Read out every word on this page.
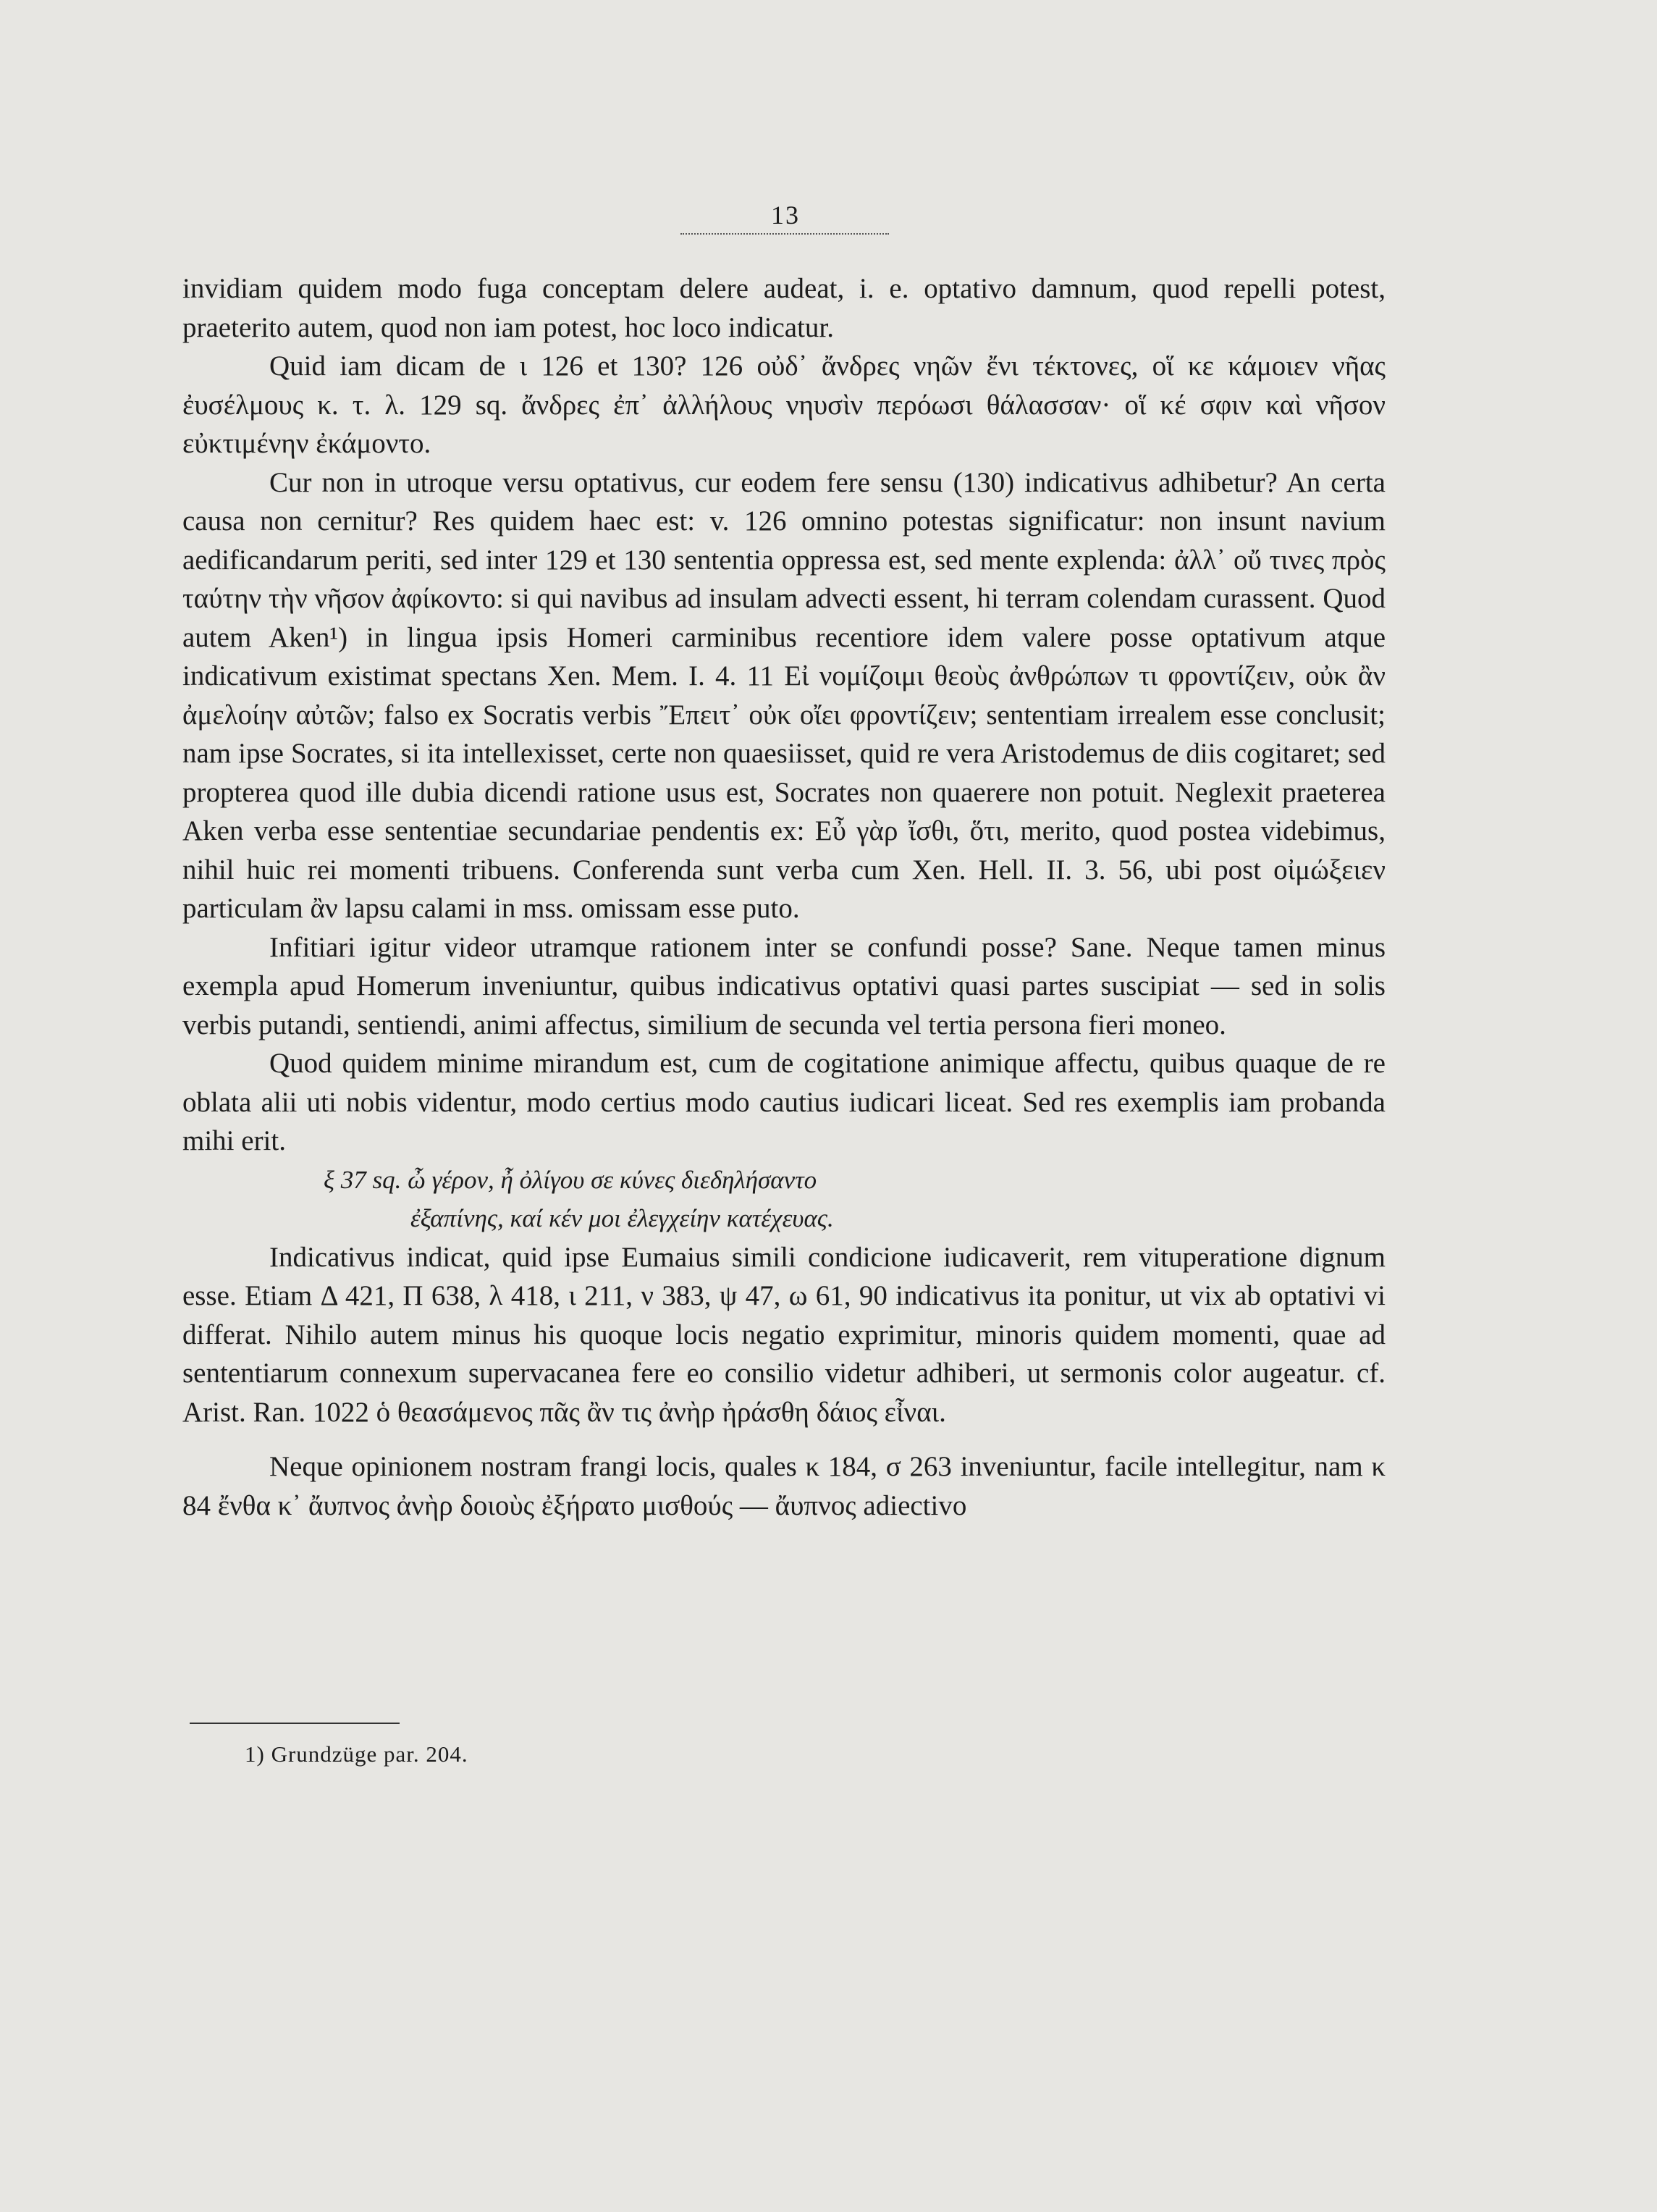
13

invidiam quidem modo fuga conceptam delere audeat, i. e. optativo damnum, quod repelli potest, praeterito autem, quod non iam potest, hoc loco indicatur.

Quid iam dicam de ι 126 et 130? 126 οὐδ᾽ ἄνδρες νηῶν ἔνι τέκτονες, οἵ κε κάμοιεν νῆας ἐυσέλμους κ. τ. λ. 129 sq. ἄνδρες ἐπ᾽ ἀλλήλους νηυσὶν περόωσι θάλασσαν· οἵ κέ σφιν καὶ νῆσον εὐκτιμένην ἐκάμοντο.

Cur non in utroque versu optativus, cur eodem fere sensu (130) indicativus adhibetur? An certa causa non cernitur? Res quidem haec est: v. 126 omnino potestas significatur: non insunt navium aedificandarum periti, sed inter 129 et 130 sententia oppressa est, sed mente explenda: ἀλλ᾽ οὔ τινες πρὸς ταύτην τὴν νῆσον ἀφίκοντο: si qui navibus ad insulam advecti essent, hi terram colendam curassent. Quod autem Aken¹) in lingua ipsis Homeri carminibus recentiore idem valere posse optativum atque indicativum existimat spectans Xen. Mem. I. 4. 11 Εἰ νομίζοιμι θεοὺς ἀνθρώπων τι φροντίζειν, οὐκ ἂν ἀμελοίην αὐτῶν; falso ex Socratis verbis Ἔπειτ᾽ οὐκ οἴει φροντίζειν; sententiam irrealem esse conclusit; nam ipse Socrates, si ita intellexisset, certe non quaesiisset, quid re vera Aristodemus de diis cogitaret; sed propterea quod ille dubia dicendi ratione usus est, Socrates non quaerere non potuit. Neglexit praeterea Aken verba esse sententiae secundariae pendentis ex: Εὖ γὰρ ἴσθι, ὅτι, merito, quod postea videbimus, nihil huic rei momenti tribuens. Conferenda sunt verba cum Xen. Hell. II. 3. 56, ubi post οἰμώξειεν particulam ἂν lapsu calami in mss. omissam esse puto.

Infitiari igitur videor utramque rationem inter se confundi posse? Sane. Neque tamen minus exempla apud Homerum inveniuntur, quibus indicativus optativi quasi partes suscipiat — sed in solis verbis putandi, sentiendi, animi affectus, similium de secunda vel tertia persona fieri moneo.

Quod quidem minime mirandum est, cum de cogitatione animique affectu, quibus quaque de re oblata alii uti nobis videntur, modo certius modo cautius iudicari liceat. Sed res exemplis iam probanda mihi erit.

ξ 37 sq. ὦ γέρον, ἦ ὀλίγου σε κύνες διεδηλήσαντο

ἐξαπίνης, καί κέν μοι ἐλεγχείην κατέχευας.

Indicativus indicat, quid ipse Eumaius simili condicione iudicaverit, rem vituperatione dignum esse. Etiam Δ 421, Π 638, λ 418, ι 211, ν 383, ψ 47, ω 61, 90 indicativus ita ponitur, ut vix ab optativi vi differat. Nihilo autem minus his quoque locis negatio exprimitur, minoris quidem momenti, quae ad sententiarum connexum supervacanea fere eo consilio videtur adhiberi, ut sermonis color augeatur. cf. Arist. Ran. 1022 ὁ θεασάμενος πᾶς ἂν τις ἀνὴρ ἠράσθη δάιος εἶναι.

Neque opinionem nostram frangi locis, quales κ 184, σ 263 inveniuntur, facile intellegitur, nam κ 84 ἔνθα κ᾽ ἄυπνος ἀνὴρ δοιοὺς ἐξήρατο μισθούς — ἄυπνος adiectivo

1) Grundzüge par. 204.
